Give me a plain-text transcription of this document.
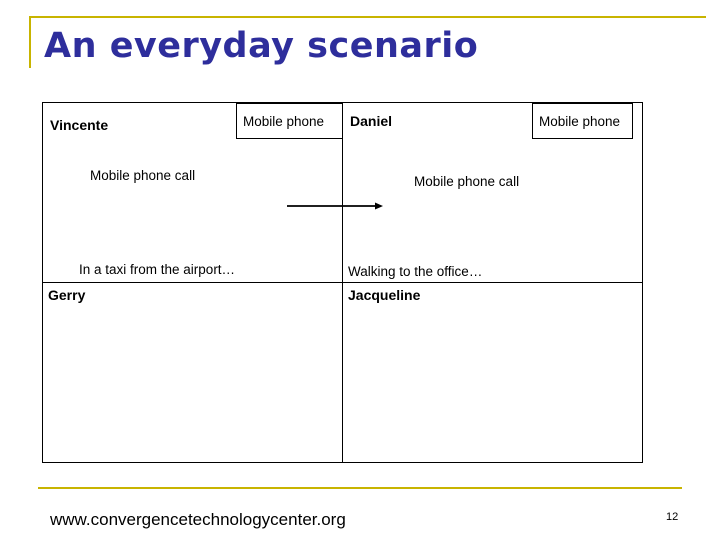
An everyday scenario
Vincente	Mobile phone
Mobile phone call
In a taxi from the airport…
Daniel	Mobile phone
Mobile phone call
Walking to the office…
Gerry	Jacqueline
www.convergencetechnologycenter.org	12
